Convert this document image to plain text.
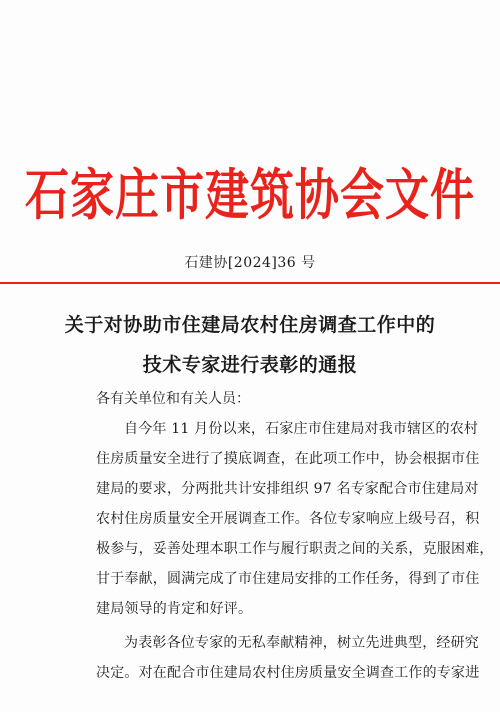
石家庄市建筑协会文件
石建协[2024]36 号
关于对协助市住建局农村住房调查工作中的
技术专家进行表彰的通报
各有关单位和有关人员：
自今年 11 月份以来，石家庄市住建局对我市辖区的农村
住房质量安全进行了摸底调查，在此项工作中，协会根据市住
建局的要求，分两批共计安排组织 97 名专家配合市住建局对
农村住房质量安全开展调查工作。各位专家响应上级号召，积
极参与，妥善处理本职工作与履行职责之间的关系，克服困难，
甘于奉献，圆满完成了市住建局安排的工作任务，得到了市住
建局领导的肯定和好评。
为表彰各位专家的无私奉献精神，树立先进典型，经研究
决定。对在配合市住建局农村住房质量安全调查工作的专家进
